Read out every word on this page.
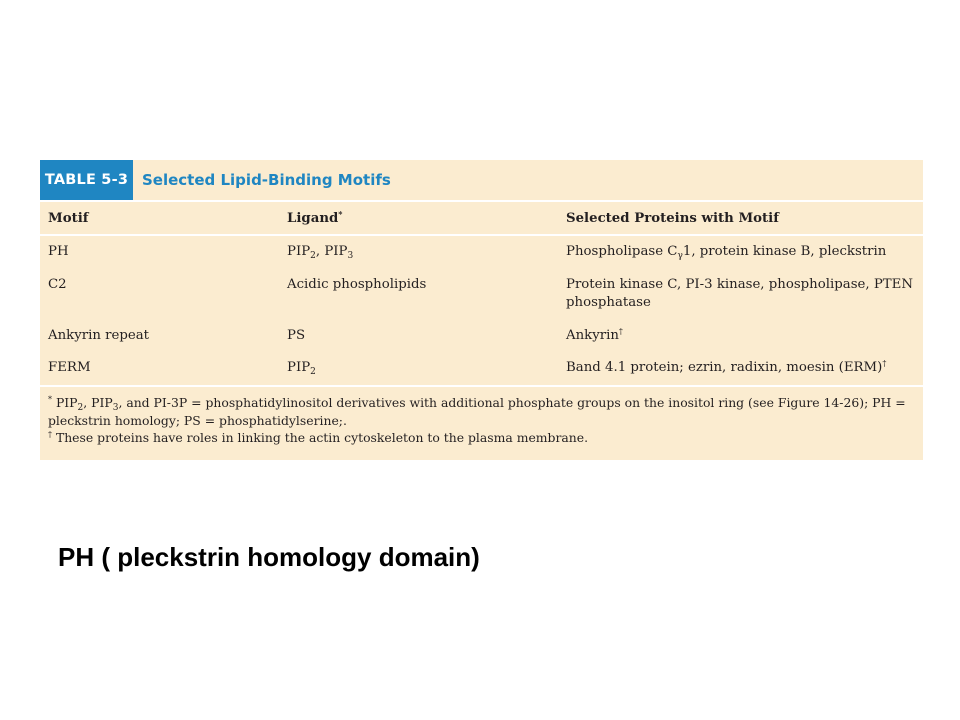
TABLE 5-3 Selected Lipid-Binding Motifs
Motif	Ligand*	Selected Proteins with Motif
PH	$PIP_2$, $PIP_3$	Phospholipase $C_\gamma 1$, protein kinase B, pleckstrin
C2	Acidic phospholipids	Protein kinase C, PI-3 kinase, phospholipase, PTEN
phosphatase
Ankyrin repeat	PS	Ankyrin†
FERM	$PIP_2$	Band 4.1 protein; ezrin, radixin, moesin (ERM)†
* $PIP_2$, $PIP_3$, and PI-3P = phosphatidylinositol derivatives with additional phosphate groups on the inositol ring (see Figure 14-26); PH =
pleckstrin homology; PS = phosphatidylserine;.
† These proteins have roles in linking the actin cytoskeleton to the plasma membrane.
PH ( pleckstrin homology domain)
